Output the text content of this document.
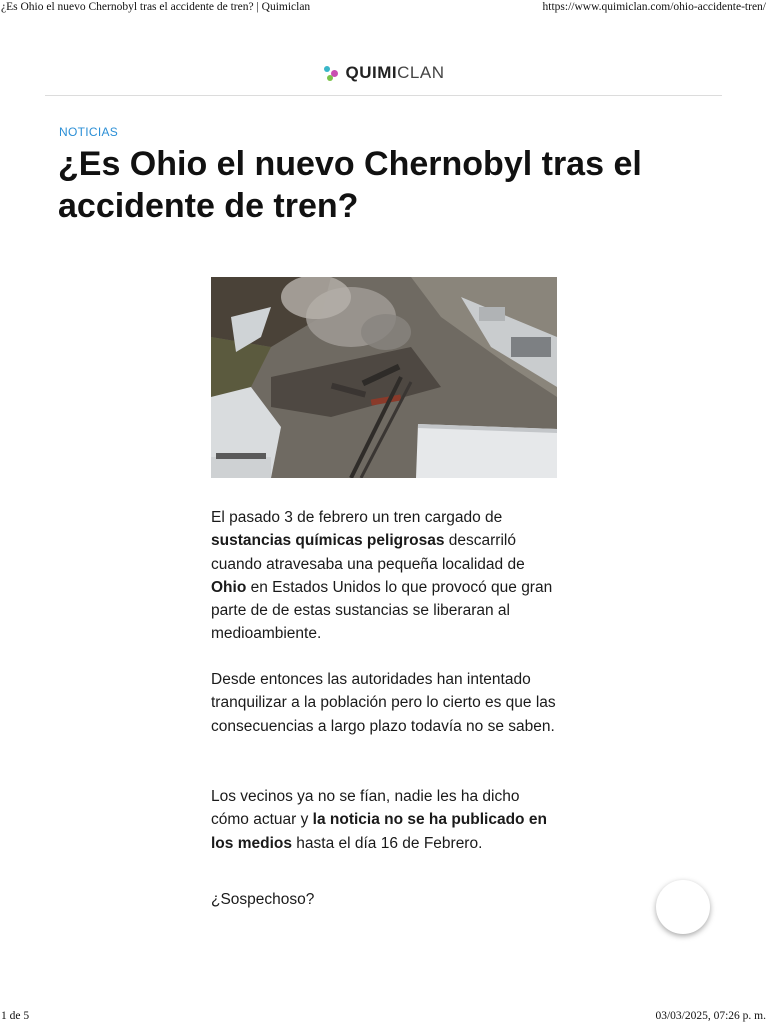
¿Es Ohio el nuevo Chernobyl tras el accidente de tren? | Quimiclan	https://www.quimiclan.com/ohio-accidente-tren/
QUIMICLAN
NOTICIAS
¿Es Ohio el nuevo Chernobyl tras el accidente de tren?

El pasado 3 de febrero un tren cargado de sustancias químicas peligrosas descarriló cuando atravesaba una pequeña localidad de Ohio en Estados Unidos lo que provocó que gran parte de de estas sustancias se liberaran al medioambiente.

Desde entonces las autoridades han intentado tranquilizar a la población pero lo cierto es que las consecuencias a largo plazo todavía no se saben.

Los vecinos ya no se fían, nadie les ha dicho cómo actuar y la noticia no se ha publicado en los medios hasta el día 16 de Febrero.

¿Sospechoso?

1 de 5	03/03/2025, 07:26 p. m.
